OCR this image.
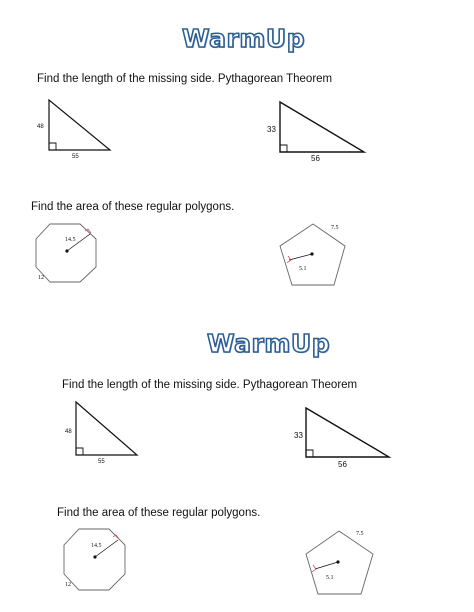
WarmUp
Find the length of the missing side. Pythagorean Theorem
48
55
33
56
Find the area of these regular polygons.
14.5
12
7.5
5.1
WarmUp
Find the length of the missing side. Pythagorean Theorem
48
55
33
56
Find the area of these regular polygons.
14.5
12
7.5
5.1
